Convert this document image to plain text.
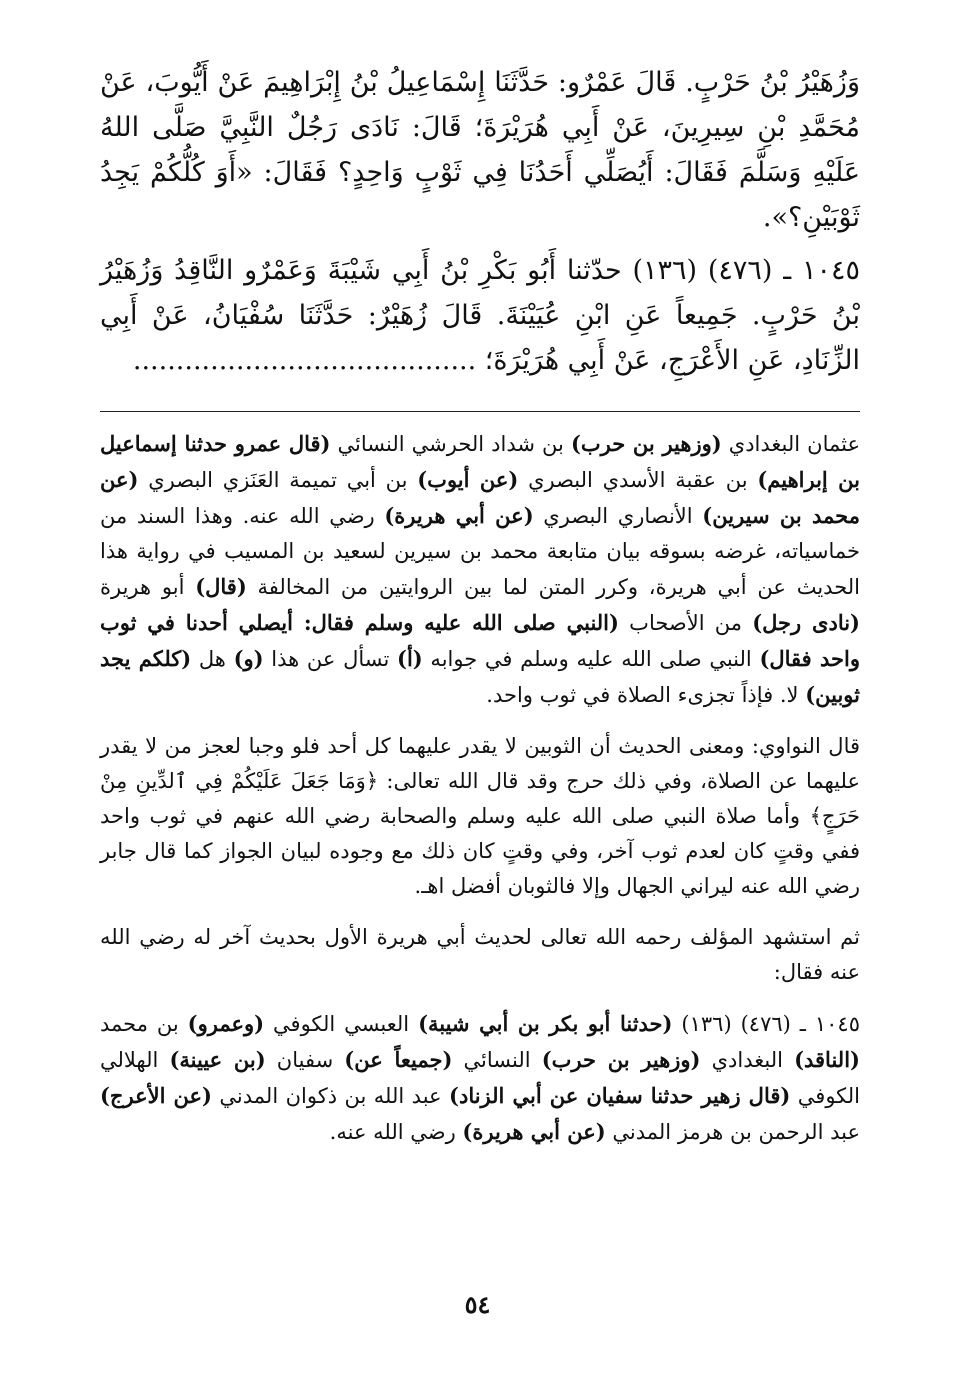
وَزُهَيْرُ بْنُ حَرْبٍ. قَالَ عَمْرٌو: حَدَّثَنَا إِسْمَاعِيلُ بْنُ إِبْرَاهِيمَ عَنْ أَيُّوبَ، عَنْ مُحَمَّدِ بْنِ سِيرِينَ، عَنْ أَبِي هُرَيْرَةَ؛ قَالَ: نَادَى رَجُلٌ النَّبِيَّ صَلَّى اللهُ عَلَيْهِ وَسَلَّمَ فَقَالَ: أَيُصَلِّي أَحَدُنَا فِي ثَوْبٍ وَاحِدٍ؟ فَقَالَ: «أَوَ كُلُّكُمْ يَجِدُ ثَوْبَيْنِ؟».

١٠٤٥ ـ (٤٧٦) (١٣٦) حدّثنا أَبُو بَكْرِ بْنُ أَبِي شَيْبَةَ وَعَمْرٌو النَّاقِدُ وَزُهَيْرُ بْنُ حَرْبٍ. جَمِيعاً عَنِ ابْنِ عُيَيْنَةَ. قَالَ زُهَيْرٌ: حَدَّثَنَا سُفْيَانُ، عَنْ أَبِي الزِّنَادِ، عَنِ الأَعْرَجِ، عَنْ أَبِي هُرَيْرَةَ؛ ........................................

عثمان البغدادي (وزهير بن حرب) بن شداد الحرشي النسائي (قال عمرو حدثنا إسماعيل بن إبراهيم) بن عقبة الأسدي البصري (عن أيوب) بن أبي تميمة العَنَزي البصري (عن محمد بن سيرين) الأنصاري البصري (عن أبي هريرة) رضي الله عنه. وهذا السند من خماسياته، غرضه بسوقه بيان متابعة محمد بن سيرين لسعيد بن المسيب في رواية هذا الحديث عن أبي هريرة، وكرر المتن لما بين الروايتين من المخالفة (قال) أبو هريرة (نادى رجل) من الأصحاب (النبي صلى الله عليه وسلم فقال: أيصلي أحدنا في ثوب واحد فقال) النبي صلى الله عليه وسلم في جوابه (أ) تسأل عن هذا (و) هل (كلكم يجد ثوبين) لا. فإذاً تجزىء الصلاة في ثوب واحد.

قال النواوي: ومعنى الحديث أن الثوبين لا يقدر عليهما كل أحد فلو وجبا لعجز من لا يقدر عليهما عن الصلاة، وفي ذلك حرج وقد قال الله تعالى: ﴿وَمَا جَعَلَ عَلَيْكُمْ فِي ٱلدِّينِ مِنْ حَرَجٍ﴾ وأما صلاة النبي صلى الله عليه وسلم والصحابة رضي الله عنهم في ثوب واحد ففي وقتٍ كان لعدم ثوب آخر، وفي وقتٍ كان ذلك مع وجوده لبيان الجواز كما قال جابر رضي الله عنه ليراني الجهال وإلا فالثوبان أفضل اهـ.

ثم استشهد المؤلف رحمه الله تعالى لحديث أبي هريرة الأول بحديث آخر له رضي الله عنه فقال:

١٠٤٥ ـ (٤٧٦) (١٣٦) (حدثنا أبو بكر بن أبي شيبة) العبسي الكوفي (وعمرو) بن محمد (الناقد) البغدادي (وزهير بن حرب) النسائي (جميعاً عن) سفيان (بن عيينة) الهلالي الكوفي (قال زهير حدثنا سفيان عن أبي الزناد) عبد الله بن ذكوان المدني (عن الأعرج) عبد الرحمن بن هرمز المدني (عن أبي هريرة) رضي الله عنه.

٥٤
